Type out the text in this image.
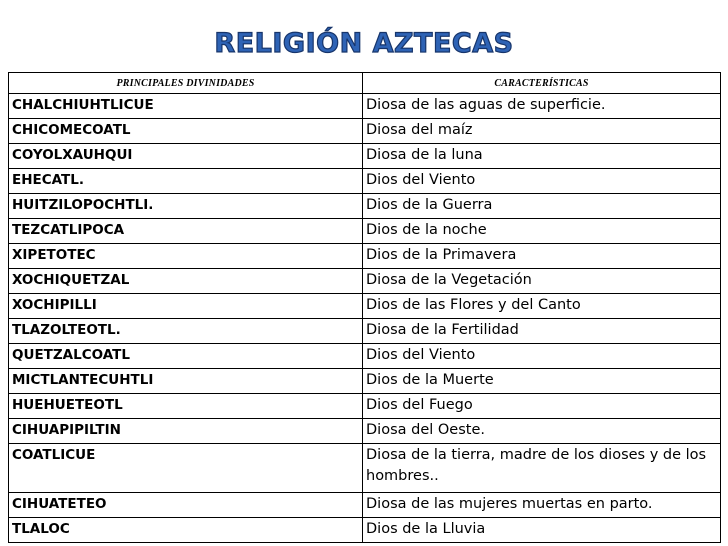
RELIGIÓN AZTECAS
PRINCIPALES DIVINIDADES	CARACTERÍSTICAS
CHALCHIUHTLICUE	Diosa de las aguas de superficie.
CHICOMECOATL	Diosa del maíz
COYOLXAUHQUI	Diosa de la luna
EHECATL.	Dios del Viento
HUITZILOPOCHTLI.	Dios de la Guerra
TEZCATLIPOCA	Dios de la noche
XIPETOTEC	Dios de la Primavera
XOCHIQUETZAL	Diosa de la Vegetación
XOCHIPILLI	Dios de las Flores y del Canto
TLAZOLTEOTL.	Diosa de la Fertilidad
QUETZALCOATL	Dios del Viento
MICTLANTECUHTLI	Dios de la Muerte
HUEHUETEOTL	Dios del Fuego
CIHUAPIPILTIN	Diosa del Oeste.
COATLICUE	Diosa de la tierra, madre de los dioses y de los hombres..
CIHUATETEO	Diosa de las mujeres muertas en parto.
TLALOC	Dios de la Lluvia
